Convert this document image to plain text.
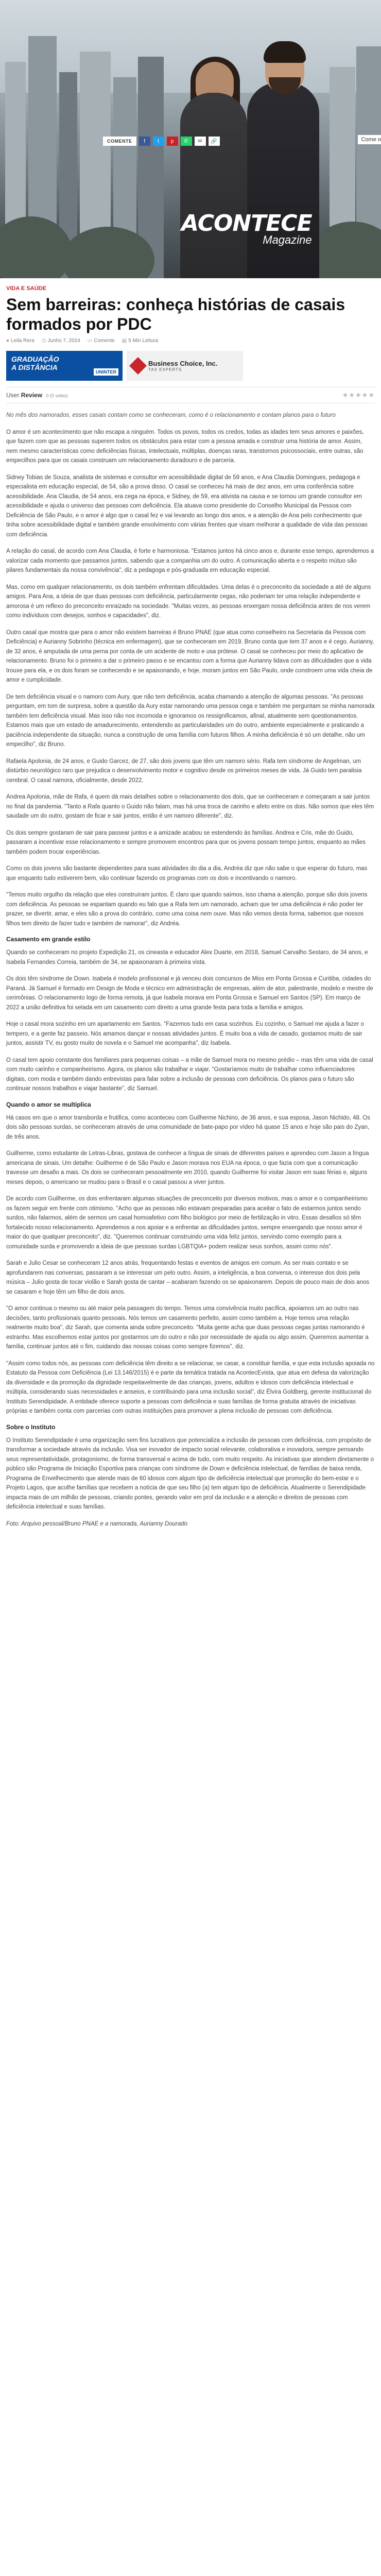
COMENTE	f	t	p	✆	✉	🔗	Come o
ACONTECE
Magazine
VIDA E SAÚDE
Sem barreiras: conheça histórias de casais formados por PDC
● Leila Rera ◷ Junho 7, 2024 ▭ Comente ▤ 5 Min Leitura
GRADUAÇÃO
A DISTÂNCIA
UNINTER
Business Choice, Inc.
TAX EXPERTS
User Review 0 (0 votes)	★★★★★

No mês dos namorados, esses casais contam como se conheceram, como é o relacionamento e contam planos para o futuro

O amor é um acontecimento que não escapa a ninguém. Todos os povos, todos os credos, todas as idades tem seus amores e paixões, que fazem com que as pessoas superem todos os obstáculos para estar com a pessoa amada e construir uma história de amor. Assim, nem mesmo características como deficiências físicas, intelectuais, múltiplas, doenças raras, transtornos psicossociais, entre outras, são empecilhos para que os casais construam um relacionamento duradouro e de parceria.

Sidney Tobias de Souza, analista de sistemas e consultor em acessibilidade digital de 59 anos, e Ana Claudia Domingues, pedagoga e especialista em educação especial, de 54, são a prova disso. O casal se conheceu há mais de dez anos, em uma conferência sobre acessibilidade. Ana Claudia, de 54 anos, era cega na época, e Sidney, de 59, era ativista na causa e se tornou um grande consultor em acessibilidade e ajuda o universo das pessoas com deficiência. Ela atuava como presidente do Conselho Municipal da Pessoa com Deficiência de São Paulo, e o amor é algo que o casal fez e vai levando ao longo dos anos, e a atenção de Ana pelo conhecimento que tinha sobre acessibilidade digital e também grande envolvimento com várias frentes que visam melhorar a qualidade de vida das pessoas com deficiência.

A relação do casal, de acordo com Ana Claudia, é forte e harmoniosa. "Estamos juntos há cinco anos e, durante esse tempo, aprendemos a valorizar cada momento que passamos juntos, sabendo que a companhia um do outro. A comunicação aberta e o respeito mútuo são pilares fundamentais da nossa convivência", diz a pedagoga e pós-graduada em educação especial.

Mas, como em qualquer relacionamento, os dois também enfrentam dificuldades. Uma delas é o preconceito da sociedade a até de alguns amigos. Para Ana, a ideia de que duas pessoas com deficiência, particularmente cegas, não poderiam ter uma relação independente e amorosa é um reflexo do preconceito enraizado na sociedade. "Muitas vezes, as pessoas enxergam nossa deficiência antes de nos verem como indivíduos com desejos, sonhos e capacidades", diz.

Outro casal que mostra que para o amor não existem barreiras é Bruno PNAE (que atua como conselheiro na Secretaria da Pessoa com Deficiência) e Aurianny Sobrinho (técnica em enfermagem), que se conheceram em 2019. Bruno conta que tem 37 anos e é cego. Aurianny, de 32 anos, é amputada de uma perna por conta de um acidente de moto e usa prótese. O casal se conheceu por meio do aplicativo de relacionamento. Bruno foi o primeiro a dar o primeiro passo e se encantou com a forma que Aurianny lidava com as dificuldades que a vida trouxe para ela, e os dois foram se conhecendo e se apaixonando, e hoje, moram juntos em São Paulo, onde constroem uma vida cheia de amor e cumplicidade.

De tem deficiência visual e o namoro com Aury, que não tem deficiência, acaba chamando a atenção de algumas pessoas. "As pessoas perguntam, em tom de surpresa, sobre a questão da Aury estar namorando uma pessoa cega e também me perguntam se minha namorada também tem deficiência visual. Mas isso não nos incomoda e ignoramos os ressignificamos, afinal, atualmente sem questionamentos. Estamos mais que um estado de amadurecimento, entendendo as particularidades um do outro, ambiente especialmente e praticando a paciência independente da situação, nunca a construção de uma família com futuros filhos. A minha deficiência é só um detalhe, não um empecilho", diz Bruno.

Rafaela Apolonia, de 24 anos, e Guido Garcez, de 27, são dois jovens que têm um namoro sério. Rafa tem síndrome de Angelman, um distúrbio neurológico raro que prejudica o desenvolvimento motor e cognitivo desde os primeiros meses de vida. Já Guido tem paralisia cerebral. O casal namora, oficialmente, desde 2022.

Andrea Apolonia, mãe de Rafa, é quem dá mais detalhes sobre o relacionamento dos dois, que se conheceram e começaram a sair juntos no final da pandemia. "Tanto a Rafa quanto o Guido não falam, mas há uma troca de carinho e afeto entre os dois. Não somos que eles têm saudade um do outro, gostam de ficar e sair juntos, então é um namoro diferente", diz.

Os dois sempre gostaram de sair para passear juntos e a amizade acabou se estendendo às famílias. Andrea e Cris, mãe do Guido, passaram a incentivar esse relacionamento e sempre promovem encontros para que os jovens possam tempo juntos, enquanto as mães também podem trocar experiências.

Como os dois jovens são bastante dependentes para suas atividades do dia a dia, Andréa diz que não sabe o que esperar do futuro, mas que enquanto tudo estiverem bem, vão continuar fazendo os programas com os dois e incentivando o namoro.

"Temos muito orgulho da relação que eles construíram juntos. É claro que quando saímos, isso chama a atenção, porque são dois jovens com deficiência. As pessoas se espantam quando eu falo que a Rafa tem um namorado, acham que ter uma deficiência é não poder ter prazer, se divertir, amar, e eles são a prova do contrário, como uma coisa nem ouve. Mas não vemos desta forma, sabemos que nossos filhos tem direito de fazer tudo e também de namorar", diz Andréa.

Casamento em grande estilo

Quando se conheceram no projeto Expedição 21, os cineasta e educador Alex Duarte, em 2018, Samuel Carvalho Sestaro, de 34 anos, e Isabela Fernandes Correia, também de 34, se apaixonaram à primeira vista.

Os dois têm síndrome de Down. Isabela é modelo profissional e já venceu dois concursos de Miss em Ponta Grossa e Curitiba, cidades do Paraná. Já Samuel é formado em Design de Moda e técnico em administração de empresas, além de ator, palestrante, modelo e mestre de cerimônias. O relacionamento logo de forma remota, já que Isabela morava em Ponta Grossa e Samuel em Santos (SP). Em março de 2022 a união definitiva foi selada em um casamento com direito a uma grande festa para toda a família e amigos.

Hoje o casal mora sozinho em um apartamento em Santos. "Fazemos tudo em casa sozinhos. Eu cozinho, o Samuel me ajuda a fazer o tempero, e a gente faz passeio. Nós amamos dançar e nossas atividades juntos. É muito boa a vida de casado, gostamos muito de sair juntos, assistir TV, eu gosto muito de novela e o Samuel me acompanha", diz Isabela.

O casal tem apoio constante dos familiares para pequenas coisas – a mãe de Samuel mora no mesmo prédio – mas têm uma vida de casal com muito carinho e companheirismo. Agora, os planos são trabalhar e viajar. "Gostaríamos muito de trabalhar como influenciadores digitais, com moda e também dando entrevistas para falar sobre a inclusão de pessoas com deficiência. Os planos para o futuro são continuar nossos trabalhos e viajar bastante", diz Samuel.

Quando o amor se multiplica

Há casos em que o amor transborda e frutifica, como aconteceu com Guilherme Nichino, de 36 anos, e sua esposa, Jason Nichido, 48. Os dois são pessoas surdas, se conheceram através de uma comunidade de bate-papo por vídeo há quase 15 anos e hoje são pais do Zyan, de três anos.

Guilherme, como estudante de Letras-Libras, gostava de conhecer a língua de sinais de diferentes países e aprendeu com Jason a língua americana de sinais. Um detalhe: Guilherme é de São Paulo e Jason morava nos EUA na época, o que fazia com que a comunicação travesse um desafio a mais. Os dois se conheceram pessoalmente em 2010, quando Guilherme foi visitar Jason em suas férias e, alguns meses depois, o americano se mudou para o Brasil e o casal passou a viver juntos.

De acordo com Guilherme, os dois enfrentaram algumas situações de preconceito por diversos motivos, mas o amor e o companheirismo os fazem seguir em frente com otimismo. "Acho que as pessoas não estavam preparadas para aceitar o fato de estarmos juntos sendo surdos, não falarmos, além de sermos um casal homoafetivo com filho biológico por meio de fertilização in vitro. Essas desafios só têm fortalecido nosso relacionamento. Aprendemos a nos apoiar e a enfrentar as dificuldades juntos, sempre enxergando que nosso amor é maior do que qualquer preconceito", diz. "Queremos continuar construindo uma vida feliz juntos, servindo como exemplo para a comunidade surda e promovendo a ideia de que pessoas surdas LGBTQIA+ podem realizar seus sonhos, assim como nós".

Sarah e Julio Cesar se conheceram 12 anos atrás, frequentando festas e eventos de amigos em comum. As ser mais contato e se aprofundarem nas conversas, passaram a se interessar um pelo outro. Assim, a inteligência, a boa conversa, o interesse dos dois pela música – Julio gosta de tocar violão e Sarah gosta de cantar – acabaram fazendo os se apaixonarem. Depois de pouco mais de dois anos se casaram e hoje têm um filho de dois anos.

"O amor continua o mesmo ou até maior pela passagem do tempo. Temos uma convivência muito pacífica, apoiamos um ao outro nas decisões, tanto profissionais quanto pessoais. Nós temos um casamento perfeito, assim como também a. Hoje temos uma relação realmente muito boa", diz Sarah, que comenta ainda sobre preconceito. "Muita gente acha que duas pessoas cegas juntas namorando é estranho. Mas escolhemos estar juntos por gostarmos um do outro e não por necessidade de ajuda ou algo assim. Queremos aumentar a família, continuar juntos até o fim, cuidando das nossas coisas como sempre fizemos", diz.

"Assim como todos nós, as pessoas com deficiência têm direito a se relacionar, se casar, a constituir família, e que esta inclusão apoiada no Estatuto da Pessoa com Deficiência (Lei 13.146/2015) é e parte da temática tratada na AcontecEvista, que atua em defesa da valorização da diversidade e da promoção da dignidade respeitavelmente de das crianças, jovens, adultos e idosos com deficiência intelectual e múltipla, considerando suas necessidades e anseios, e contribuindo para uma inclusão social", diz Élvira Goldberg, gerente institucional do Instituto Serendipidade. A entidade oferece suporte a pessoas com deficiência e suas famílias de forma gratuita através de iniciativas próprias e também conta com parcerias com outras instituições para promover a plena inclusão de pessoas com deficiência.

Sobre o Instituto

O Instituto Serendipidade é uma organização sem fins lucrativos que potencializa a inclusão de pessoas com deficiência, com propósito de transformar a sociedade através da inclusão. Visa ser inovador de impacto social relevante, colaborativa e inovadora, sempre pensando seus representatividade, protagonismo, de forma transversal e acima de tudo, com muito respeito. As iniciativas que atendem diretamente o público são Programa de Iniciação Esportiva para crianças com síndrome de Down e deficiência intelectual, de famílias de baixa renda, Programa de Envelhecimento que atende mais de 60 idosos com algum tipo de deficiência intelectual que promoção do bem-estar e o Projeto Lagos, que acolhe famílias que recebem a notícia de que seu filho (a) tem algum tipo de deficiência. Atualmente o Serendipidade impacta mais de um milhão de pessoas, criando pontes, gerando valor em prol da inclusão e a atenção e direitos de pessoas com deficiência intelectual e suas famílias.

Foto: Arquivo pessoal/Bruno PNAE e a namorada, Aurianny Dourado
